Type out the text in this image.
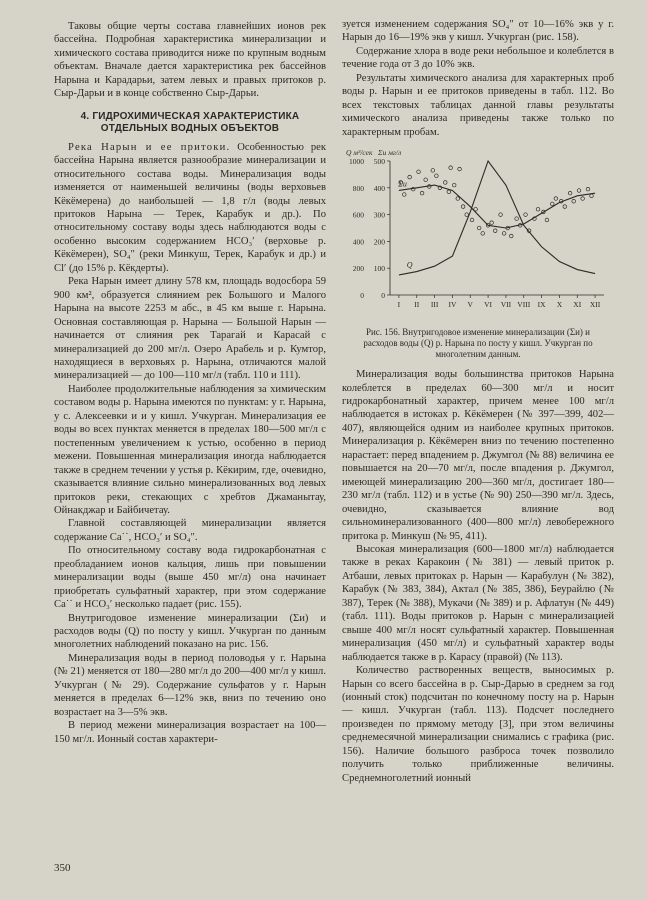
Таковы общие черты состава главнейших ионов рек бассейна. Подробная характеристика минерализации и химического состава приводится ниже по крупным водным объектам. Вначале дается характеристика рек бассейнов Нарына и Карадарьи, затем левых и правых притоков р. Сыр-Дарьи и в конце собственно Сыр-Дарьи.

4. ГИДРОХИМИЧЕСКАЯ ХАРАКТЕРИСТИКА ОТДЕЛЬНЫХ ВОДНЫХ ОБЪЕКТОВ

Река Нарын и ее притоки. Особенностью рек бассейна Нарына является разнообразие минерализации и относительного состава воды. Минерализация воды изменяется от наименьшей величины (воды верховьев Кёкёмерена) до наибольшей — 1,8 г/л (воды левых притоков Нарына — Терек, Карабук и др.). По относительному составу воды здесь наблюдаются воды с особенно высоким содержанием HCO₃′ (верховье р. Кёкёмерен), SO₄″ (реки Минкуш, Терек, Карабук и др.) и Cl′ (до 15% р. Кёкдерты).

Река Нарын имеет длину 578 км, площадь водосбора 59 900 км², образуется слиянием рек Большого и Малого Нарына на высоте 2253 м абс., в 45 км выше г. Нарына. Основная составляющая р. Нарына — Большой Нарын — начинается от слияния рек Тарагай и Карасай с минерализацией до 200 мг/л. Озеро Арабель и р. Кумтор, находящиеся в верховьях р. Нарына, отличаются малой минерализацией — до 100—110 мг/л (табл. 110 и 111).

Наиболее продолжительные наблюдения за химическим составом воды р. Нарына имеются по пунктам: у г. Нарына, у с. Алексеевки и и у кишл. Учкурган. Минерализация ее воды во всех пунктах меняется в пределах 180—500 мг/л с постепенным увеличением к устью, особенно в период межени. Повышенная минерализация иногда наблюдается также в среднем течении у устья р. Кёкирим, где, очевидно, сказывается влияние сильно минерализованных вод левых притоков реки, стекающих с хребтов Джаманытау, Ойнакджар и Байбичетау.

Главной составляющей минерализации является содержание Ca˙˙, HCO₃′ и SO₄″.

По относительному составу вода гидрокарбонатная с преобладанием ионов кальция, лишь при повышении минерализации воды (выше 450 мг/л) она начинает приобретать сульфатный характер, при этом содержание Ca˙˙ и HCO₃′ несколько падает (рис. 155).

Внутригодовое изменение минерализации (Σи) и расходов воды (Q) по посту у кишл. Учкурган по данным многолетних наблюдений показано на рис. 156.

Минерализация воды в период половодья у г. Нарына (№ 21) меняется от 180—280 мг/л до 200—400 мг/л у кишл. Учкурган (№ 29). Содержание сульфатов у г. Нарын меняется в пределах 6—12% экв, вниз по течению оно возрастает на 3—5% экв.

В период межени минерализация возрастает на 100—150 мг/л. Ионный состав характери-

зуется изменением содержания SO₄″ от 10—16% экв у г. Нарын до 16—19% экв у кишл. Учкурган (рис. 158).

Содержание хлора в воде реки небольшое и колеблется в течение года от 3 до 10% экв.

Результаты химического анализа для характерных проб воды р. Нарын и ее притоков приведены в табл. 112. Во всех текстовых таблицах данной главы результаты химического анализа приведены также только по характерным пробам.

0
200
400
600
800
1000
0
100
200
300
400
500
Q м³/сек Σи мг/л
I II III IV V VI VII VIII IX X XI XII
Q
Σи
Рис. 156. Внутригодовое изменение минерализации (Σи) и расходов воды (Q) р. Нарына по посту у кишл. Учкурган по многолетним данным.

Минерализация воды большинства притоков Нарына колеблется в пределах 60—300 мг/л и носит гидрокарбонатный характер, причем менее 100 мг/л наблюдается в истоках р. Кёкёмерен (№ 397—399, 402—407), являющейся одним из наиболее крупных притоков. Минерализация р. Кёкёмерен вниз по течению постепенно нарастает: перед впадением р. Джумгол (№ 88) величина ее повышается на 20—70 мг/л, после впадения р. Джумгол, имеющей минерализацию 200—360 мг/л, достигает 180—230 мг/л (табл. 112) и в устье (№ 90) 250—390 мг/л. Здесь, очевидно, сказывается влияние вод сильноминерализованного (400—800 мг/л) левобережного притока р. Минкуш (№ 95, 411).

Высокая минерализация (600—1800 мг/л) наблюдается также в реках Каракоин (№ 381) — левый приток р. Атбаши, левых притоках р. Нарын — Карабулун (№ 382), Карабук (№ 383, 384), Актал (№ 385, 386), Беурайлю (№ 387), Терек (№ 388), Мукачи (№ 389) и р. Афлатун (№ 449) (табл. 111). Воды притоков р. Нарын с минерализацией свыше 400 мг/л носят сульфатный характер. Повышенная минерализация (450 мг/л) и сульфатный характер воды наблюдается также в р. Карасу (правой) (№ 113).

Количество растворенных веществ, выносимых р. Нарын со всего бассейна в р. Сыр-Дарью в среднем за год (ионный сток) подсчитан по конечному посту на р. Нарын — кишл. Учкурган (табл. 113). Подсчет последнего произведен по прямому методу [3], при этом величины среднемесячной минерализации снимались с графика (рис. 156). Наличие большого разброса точек позволило получить только приближенные величины. Среднемноголетний ионный

350
